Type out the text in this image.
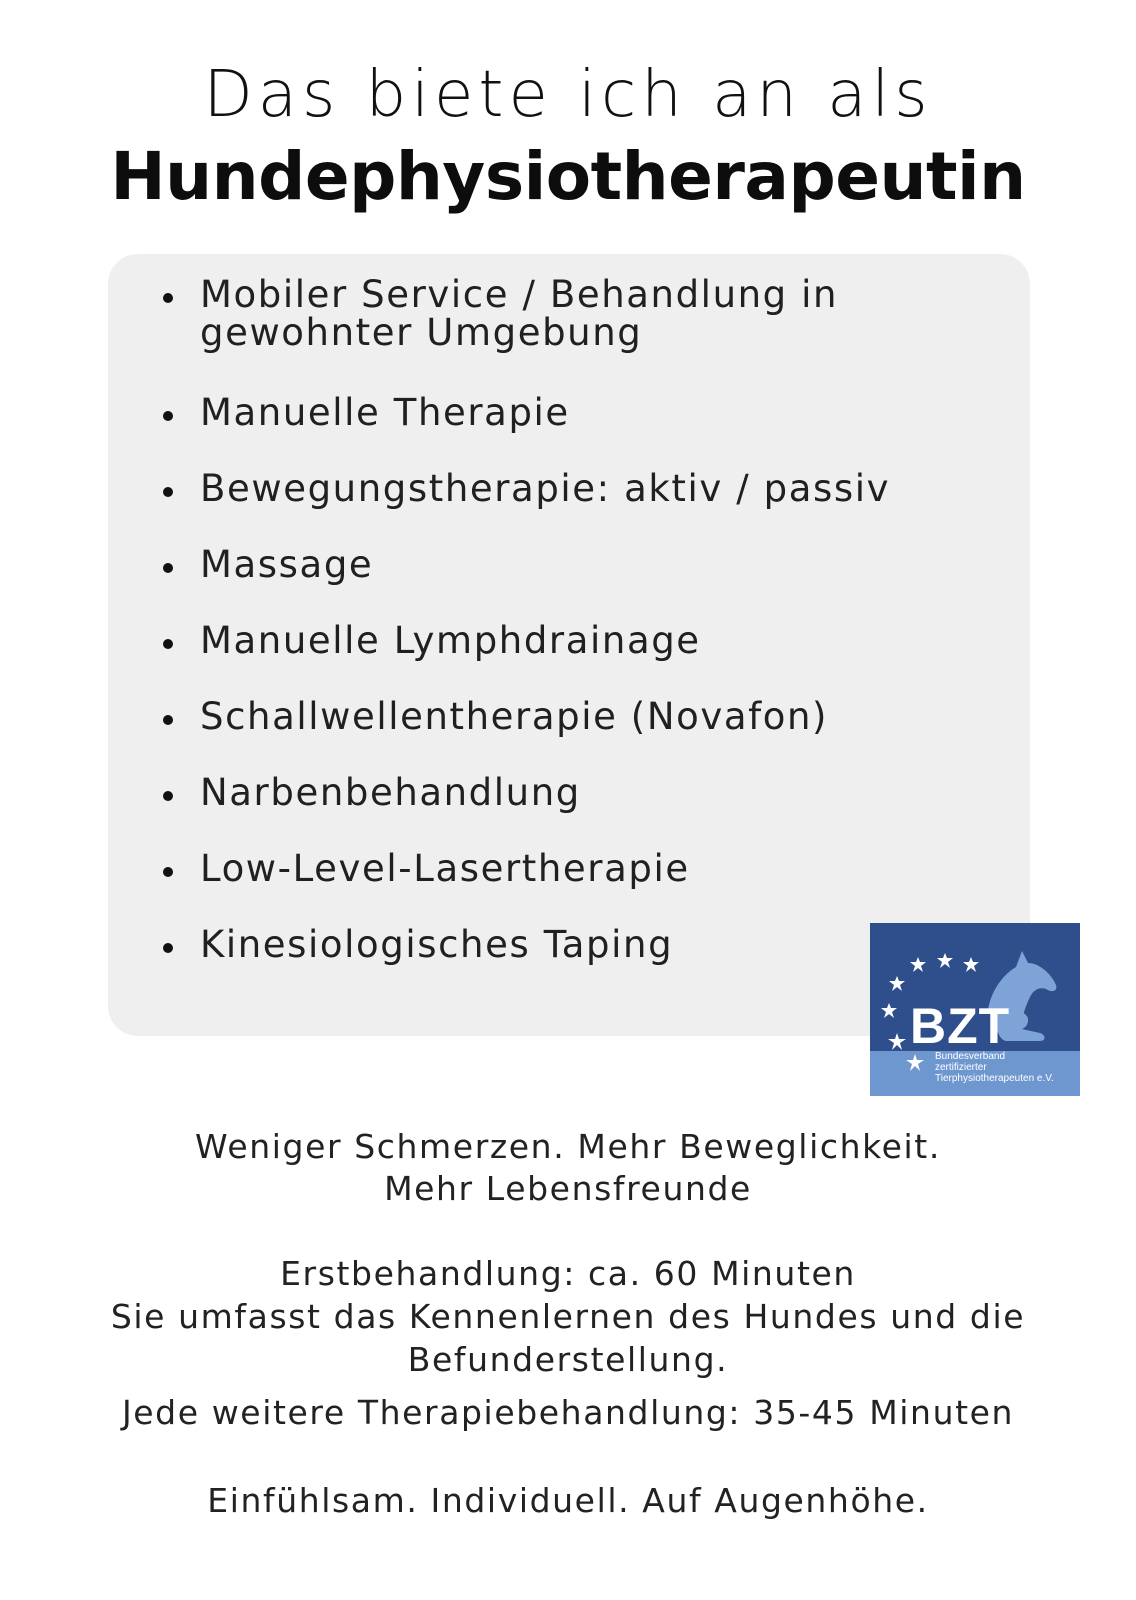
Das biete ich an als
Hundephysiotherapeutin
Mobiler Service / Behandlung in
gewohnter Umgebung
Manuelle Therapie
Bewegungstherapie: aktiv / passiv
Massage
Manuelle Lymphdrainage
Schallwellentherapie (Novafon)
Narbenbehandlung
Low-Level-Lasertherapie
Kinesiologisches Taping
BZT
Bundesverband
zertifizierter
Tierphysiotherapeuten e.V.
Weniger Schmerzen. Mehr Beweglichkeit.
Mehr Lebensfreunde
Erstbehandlung: ca. 60 Minuten
Sie umfasst das Kennenlernen des Hundes und die
Befunderstellung.
Jede weitere Therapiebehandlung: 35-45 Minuten
Einfühlsam. Individuell. Auf Augenhöhe.
